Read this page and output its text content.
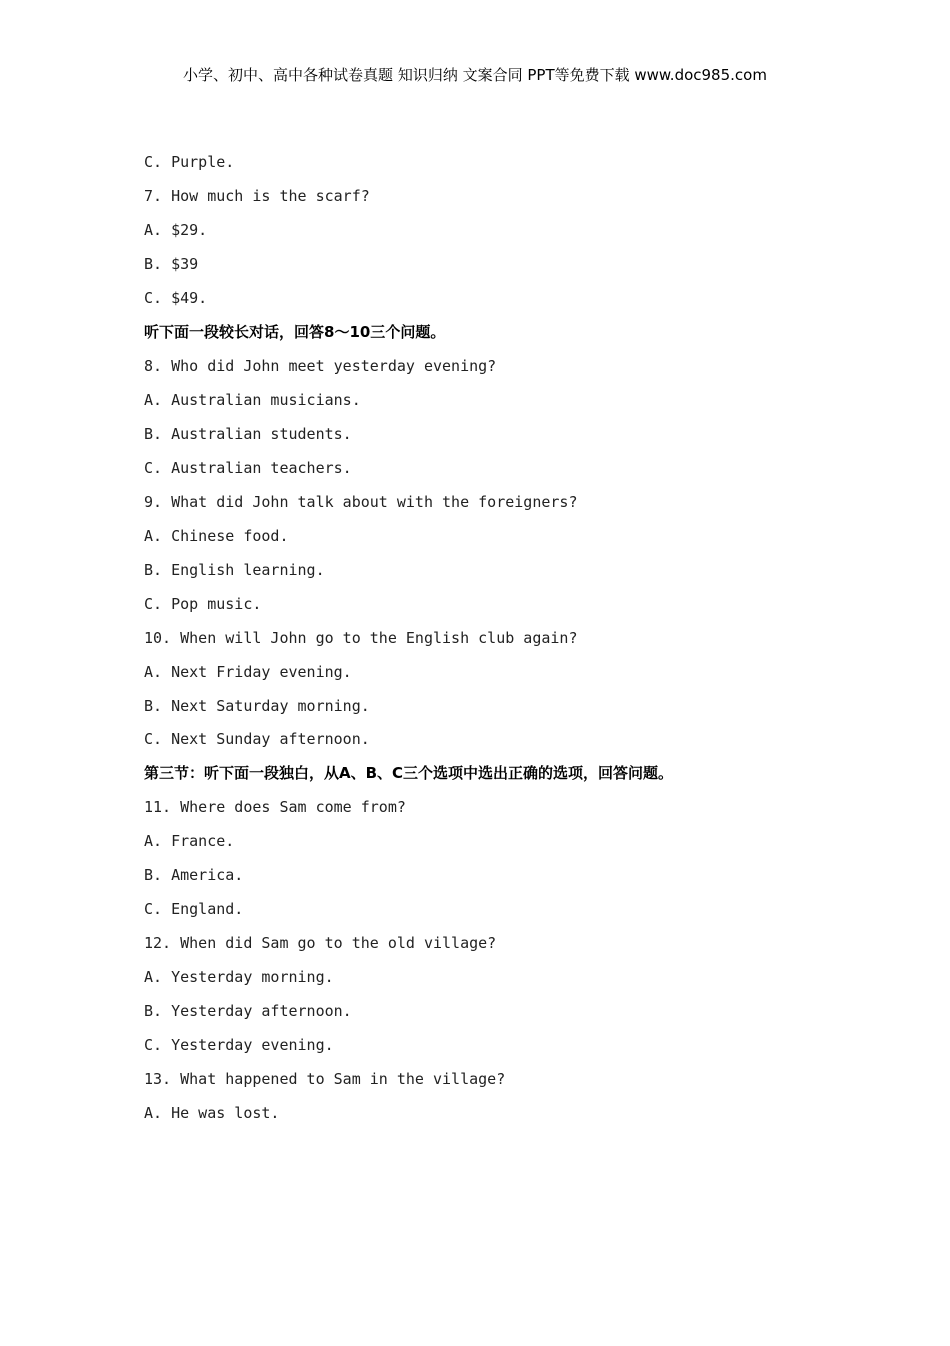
小学、初中、高中各种试卷真题 知识归纳 文案合同 PPT等免费下载 www.doc985.com
C. Purple.
7. How much is the scarf?
A. $29.
B. $39
C. $49.
听下面一段较长对话，回答8～10三个问题。
8. Who did John meet yesterday evening?
A. Australian musicians.
B. Australian students.
C. Australian teachers.
9. What did John talk about with the foreigners?
A. Chinese food.
B. English learning.
C. Pop music.
10. When will John go to the English club again?
A. Next Friday evening.
B. Next Saturday morning.
C. Next Sunday afternoon.
第三节：听下面一段独白，从A、B、C三个选项中选出正确的选项，回答问题。
11. Where does Sam come from?
A. France.
B. America.
C. England.
12. When did Sam go to the old village?
A. Yesterday morning.
B. Yesterday afternoon.
C. Yesterday evening.
13. What happened to Sam in the village?
A. He was lost.
